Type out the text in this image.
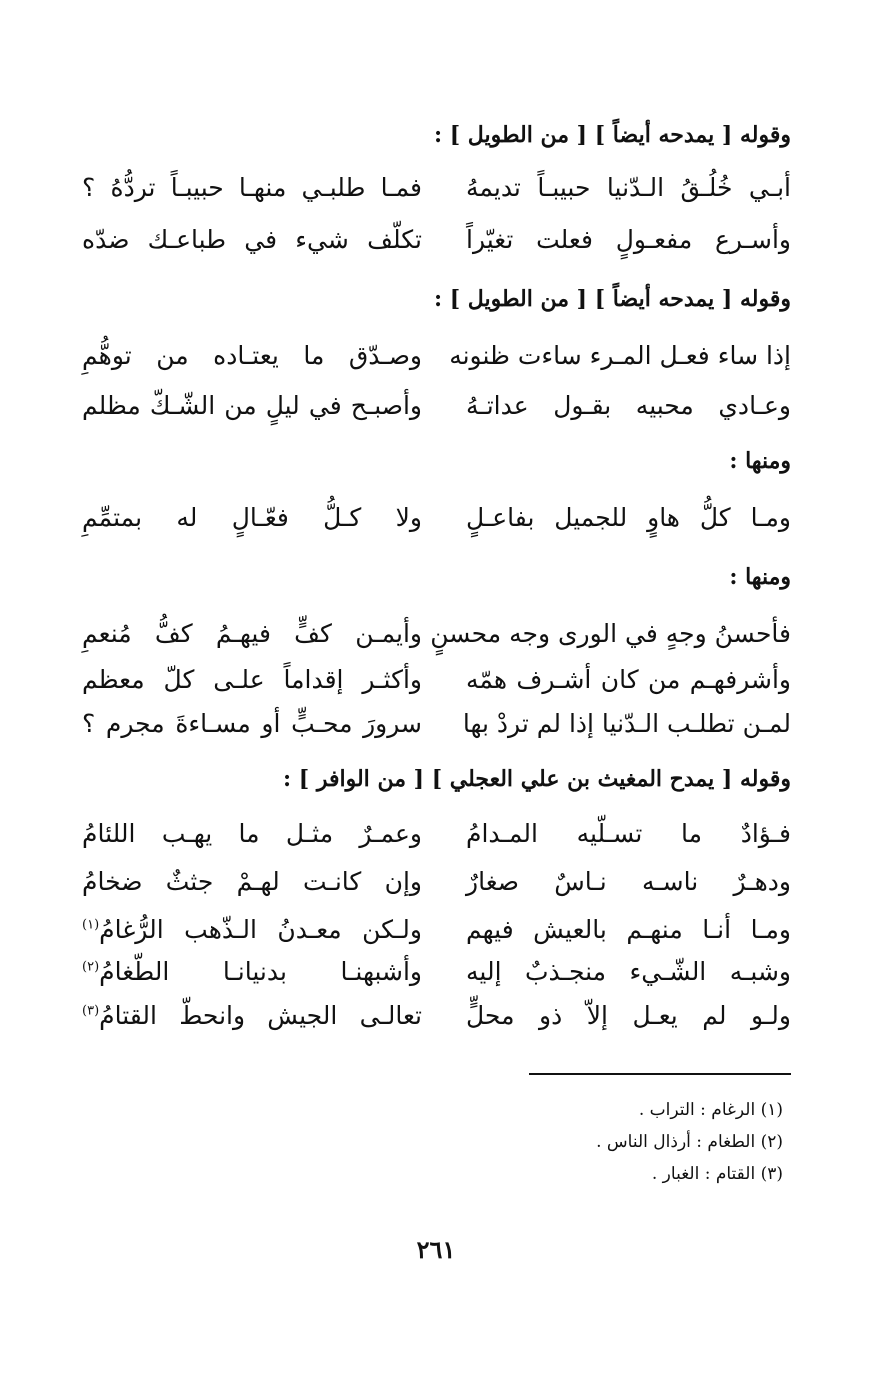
وقوله [ يمدحه أيضاً ] [ من الطويل ] :
أبـي خُلُـقُ الـدّنيا حبيبـاً تديمهُ
فمـا طلبـي منهـا حبيبـاً تردُّهُ ؟
وأسـرع مفعـولٍ فعلت تغيّراً
تكلّف شيء في طباعـك ضدّه
وقوله [ يمدحه أيضاً ] [ من الطويل ] :
إذا ساء فعـل المـرء ساءت ظنونه
وصـدّق ما يعتـاده من توهُّمِ
وعـادي محبيه بقـول عداتـهُ
وأصبـح في ليلٍ من الشّـكّ مظلم
ومنها :
ومـا كلُّ هاوٍ للجميل بفاعـلٍ
ولا كـلُّ فعّـالٍ له بمتمِّمِ
ومنها :
فأحسنُ وجهٍ في الورى وجه محسنٍ
وأيمـن كفٍّ فيهـمُ كفُّ مُنعمِ
وأشرفهـم من كان أشـرف همّه
وأكثـر إقداماً علـى كلّ معظم
لمـن تطلـب الـدّنيا إذا لم تردْ بها
سرورَ محـبٍّ أو مسـاءةَ مجرم ؟
وقوله [ يمدح المغيث بن علي العجلي ] [ من الوافر ] :
فـؤادٌ ما تسـلّيه المـدامُ
وعمـرٌ مثـل ما يهـب اللئامُ
ودهـرٌ ناسـه نـاسٌ صغارٌ
وإن كانـت لهـمْ جثثٌ ضخامُ
ومـا أنـا منهـم بالعيش فيهم
ولـكن معـدنُ الـذّهب الرُّغامُ$^{(١)}$
وشبـه الشّـيء منجـذبٌ إليه
وأشبهنـا بدنيانـا الطّغامُ$^{(٢)}$
ولـو لم يعـل إلاّ ذو محلٍّ
تعالـى الجيش وانحطّ القتامُ$^{(٣)}$
(١) الرغام : التراب .
(٢) الطغام : أرذال الناس .
(٣) القتام : الغبار .
٢٦١
